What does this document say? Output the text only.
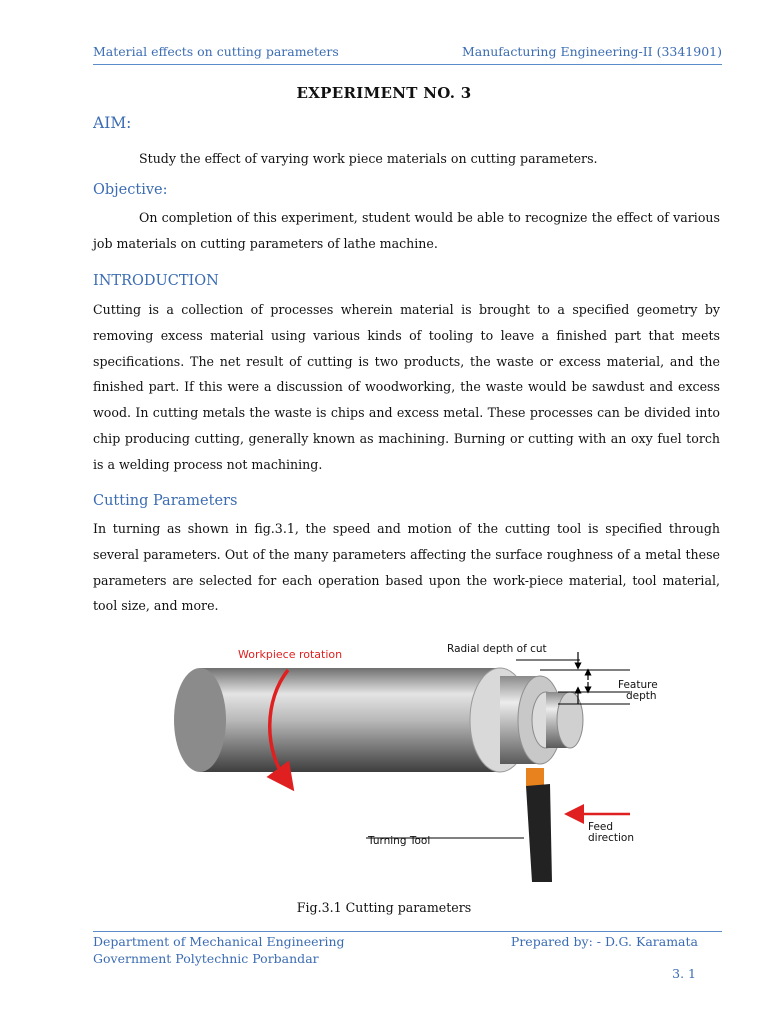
Material effects on cutting parameters	Manufacturing Engineering-II (3341901)
EXPERIMENT NO. 3
AIM:

Study the effect of varying work piece materials on cutting parameters.

Objective:

On completion of this experiment, student would be able to recognize the effect of various job materials on cutting parameters of lathe machine.

INTRODUCTION

Cutting is a collection of processes wherein material is brought to a specified geometry by removing excess material using various kinds of tooling to leave a finished part that meets specifications. The net result of cutting is two products, the waste or excess material, and the finished part. If this were a discussion of woodworking, the waste would be sawdust and excess wood. In cutting metals the waste is chips and excess metal. These processes can be divided into chip producing cutting, generally known as machining. Burning or cutting with an oxy fuel torch is a welding process not machining.

Cutting Parameters

In turning as shown in fig.3.1, the speed and motion of the cutting tool is specified through several parameters. Out of the many parameters affecting the surface roughness of a metal these parameters are selected for each operation based upon the work-piece material, tool material, tool size, and more.

Workpiece rotation	Radial depth of cut
Feature
depth
Turning Tool
Feed
direction
Fig.3.1 Cutting parameters
Department of Mechanical Engineering
Government Polytechnic Porbandar
Prepared by: - D.G. Karamata
3. 1
